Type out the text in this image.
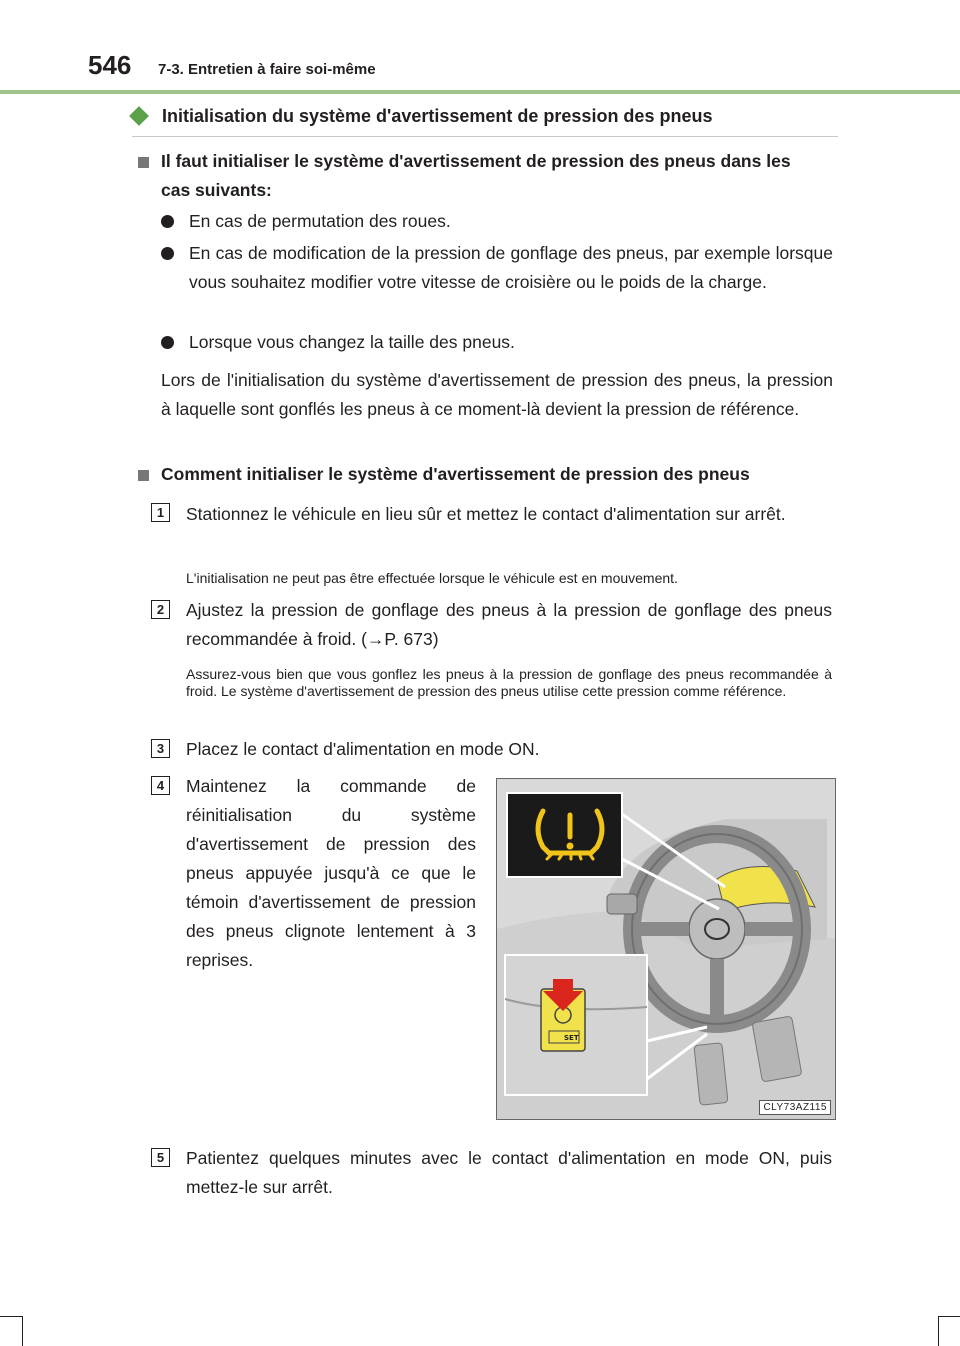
546 7-3. Entretien à faire soi-même
Initialisation du système d'avertissement de pression des pneus
Il faut initialiser le système d'avertissement de pression des pneus dans les
cas suivants:
En cas de permutation des roues.
En cas de modification de la pression de gonflage des pneus, par exemple lorsque vous souhaitez modifier votre vitesse de croisière ou le poids de la charge.
Lorsque vous changez la taille des pneus.
Lors de l'initialisation du système d'avertissement de pression des pneus, la pression à laquelle sont gonflés les pneus à ce moment-là devient la pression de référence.
Comment initialiser le système d'avertissement de pression des pneus
1	Stationnez le véhicule en lieu sûr et mettez le contact d'alimentation sur arrêt.
L'initialisation ne peut pas être effectuée lorsque le véhicule est en mouvement.
2	Ajustez la pression de gonflage des pneus à la pression de gonflage des pneus recommandée à froid. (→P. 673)
Assurez-vous bien que vous gonflez les pneus à la pression de gonflage des pneus recommandée à froid. Le système d'avertissement de pression des pneus utilise cette pression comme référence.
3	Placez le contact d'alimentation en mode ON.
4	Maintenez la commande de réinitialisation du système d'avertissement de pression des pneus appuyée jusqu'à ce que le témoin d'avertissement de pression des pneus clignote lentement à 3 reprises.
SET
CLY73AZ115
5	Patientez quelques minutes avec le contact d'alimentation en mode ON, puis mettez-le sur arrêt.
